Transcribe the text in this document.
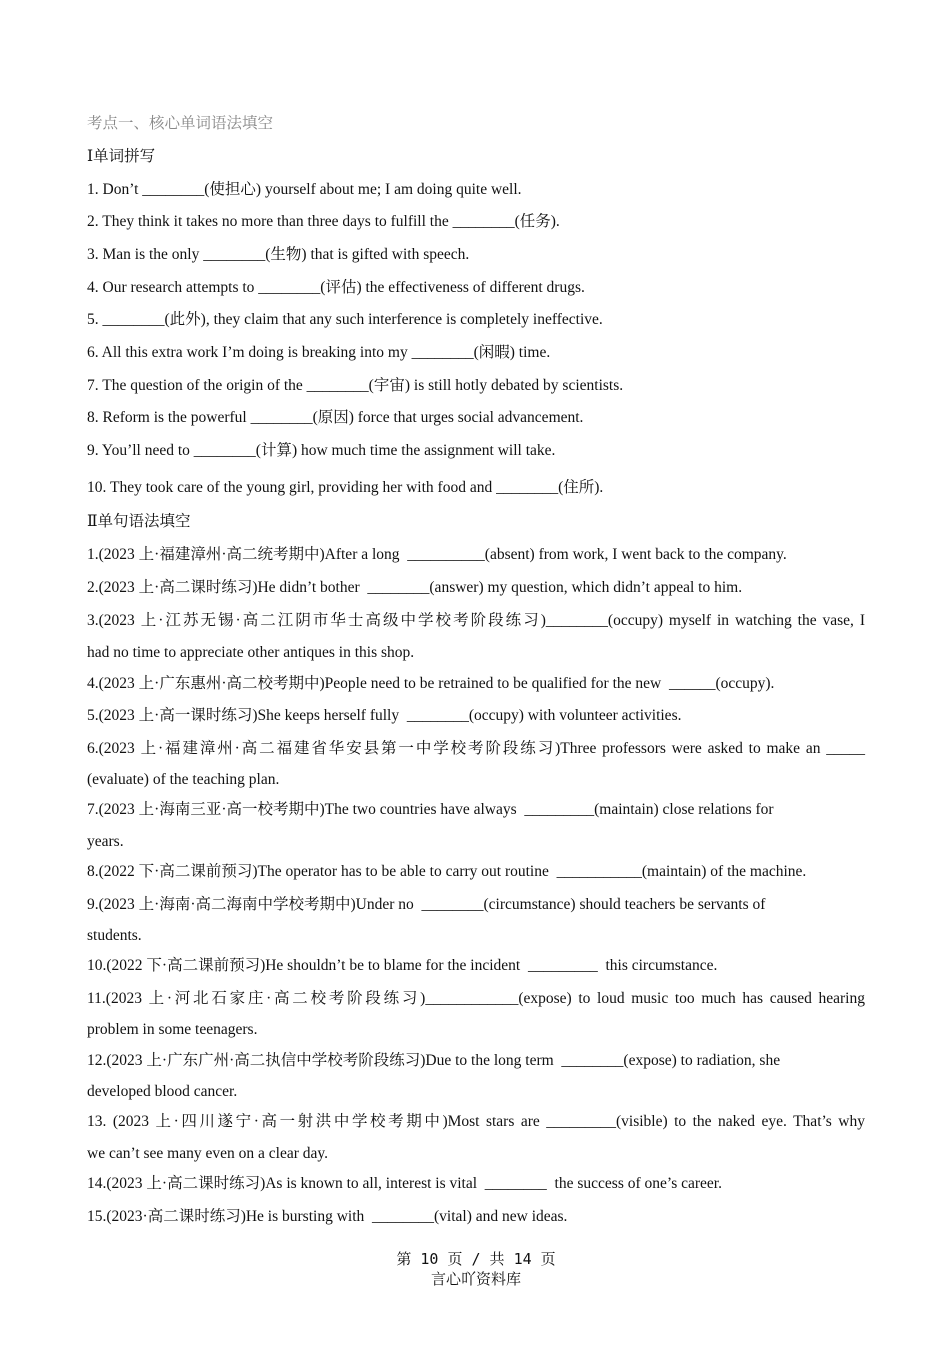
考点一、核心单词语法填空
Ⅰ单词拼写
1. Don’t ________(使担心) yourself about me; I am doing quite well.
2. They think it takes no more than three days to fulfill the ________(任务).
3. Man is the only ________(生物) that is gifted with speech.
4. Our research attempts to ________(评估) the effectiveness of different drugs.
5. ________(此外), they claim that any such interference is completely ineffective.
6. All this extra work I’m doing is breaking into my ________(闲暇) time.
7. The question of the origin of the ________(宇宙) is still hotly debated by scientists.
8. Reform is the powerful ________(原因) force that urges social advancement.
9. You’ll need to ________(计算) how much time the assignment will take.
10. They took care of the young girl, providing her with food and ________(住所).
Ⅱ单句语法填空
1.(2023 上·福建漳州·高二统考期中)After a long  __________(absent) from work, I went back to the company.
2.(2023 上·高二课时练习)He didn’t bother  ________(answer) my question, which didn’t appeal to him.
3.(2023 上·江苏无锡·高二江阴市华士高级中学校考阶段练习)________(occupy) myself in watching the vase, I
had no time to appreciate other antiques in this shop.
4.(2023 上·广东惠州·高二校考期中)People need to be retrained to be qualified for the new  ______(occupy).
5.(2023 上·高一课时练习)She keeps herself fully  ________(occupy) with volunteer activities.
6.(2023 上·福建漳州·高二福建省华安县第一中学校考阶段练习)Three professors were asked to make an _____
(evaluate) of the teaching plan.
7.(2023 上·海南三亚·高一校考期中)The two countries have always  _________(maintain) close relations for
years.
8.(2022 下·高二课前预习)The operator has to be able to carry out routine  ___________(maintain) of the machine.
9.(2023 上·海南·高二海南中学校考期中)Under no  ________(circumstance) should teachers be servants of
students.
10.(2022 下·高二课前预习)He shouldn’t be to blame for the incident  _________  this circumstance.
11.(2023 上·河北石家庄·高二校考阶段练习)____________(expose) to loud music too much has caused hearing
problem in some teenagers.
12.(2023 上·广东广州·高二执信中学校考阶段练习)Due to the long term  ________(expose) to radiation, she
developed blood cancer.
13. (2023 上·四川遂宁·高一射洪中学校考期中)Most stars are _________(visible) to the naked eye. That’s why
we can’t see many even on a clear day.
14.(2023 上·高二课时练习)As is known to all, interest is vital  ________  the success of one’s career.
15.(2023·高二课时练习)He is bursting with  ________(vital) and new ideas.
第 10 页 / 共 14 页
言心吖资料库
